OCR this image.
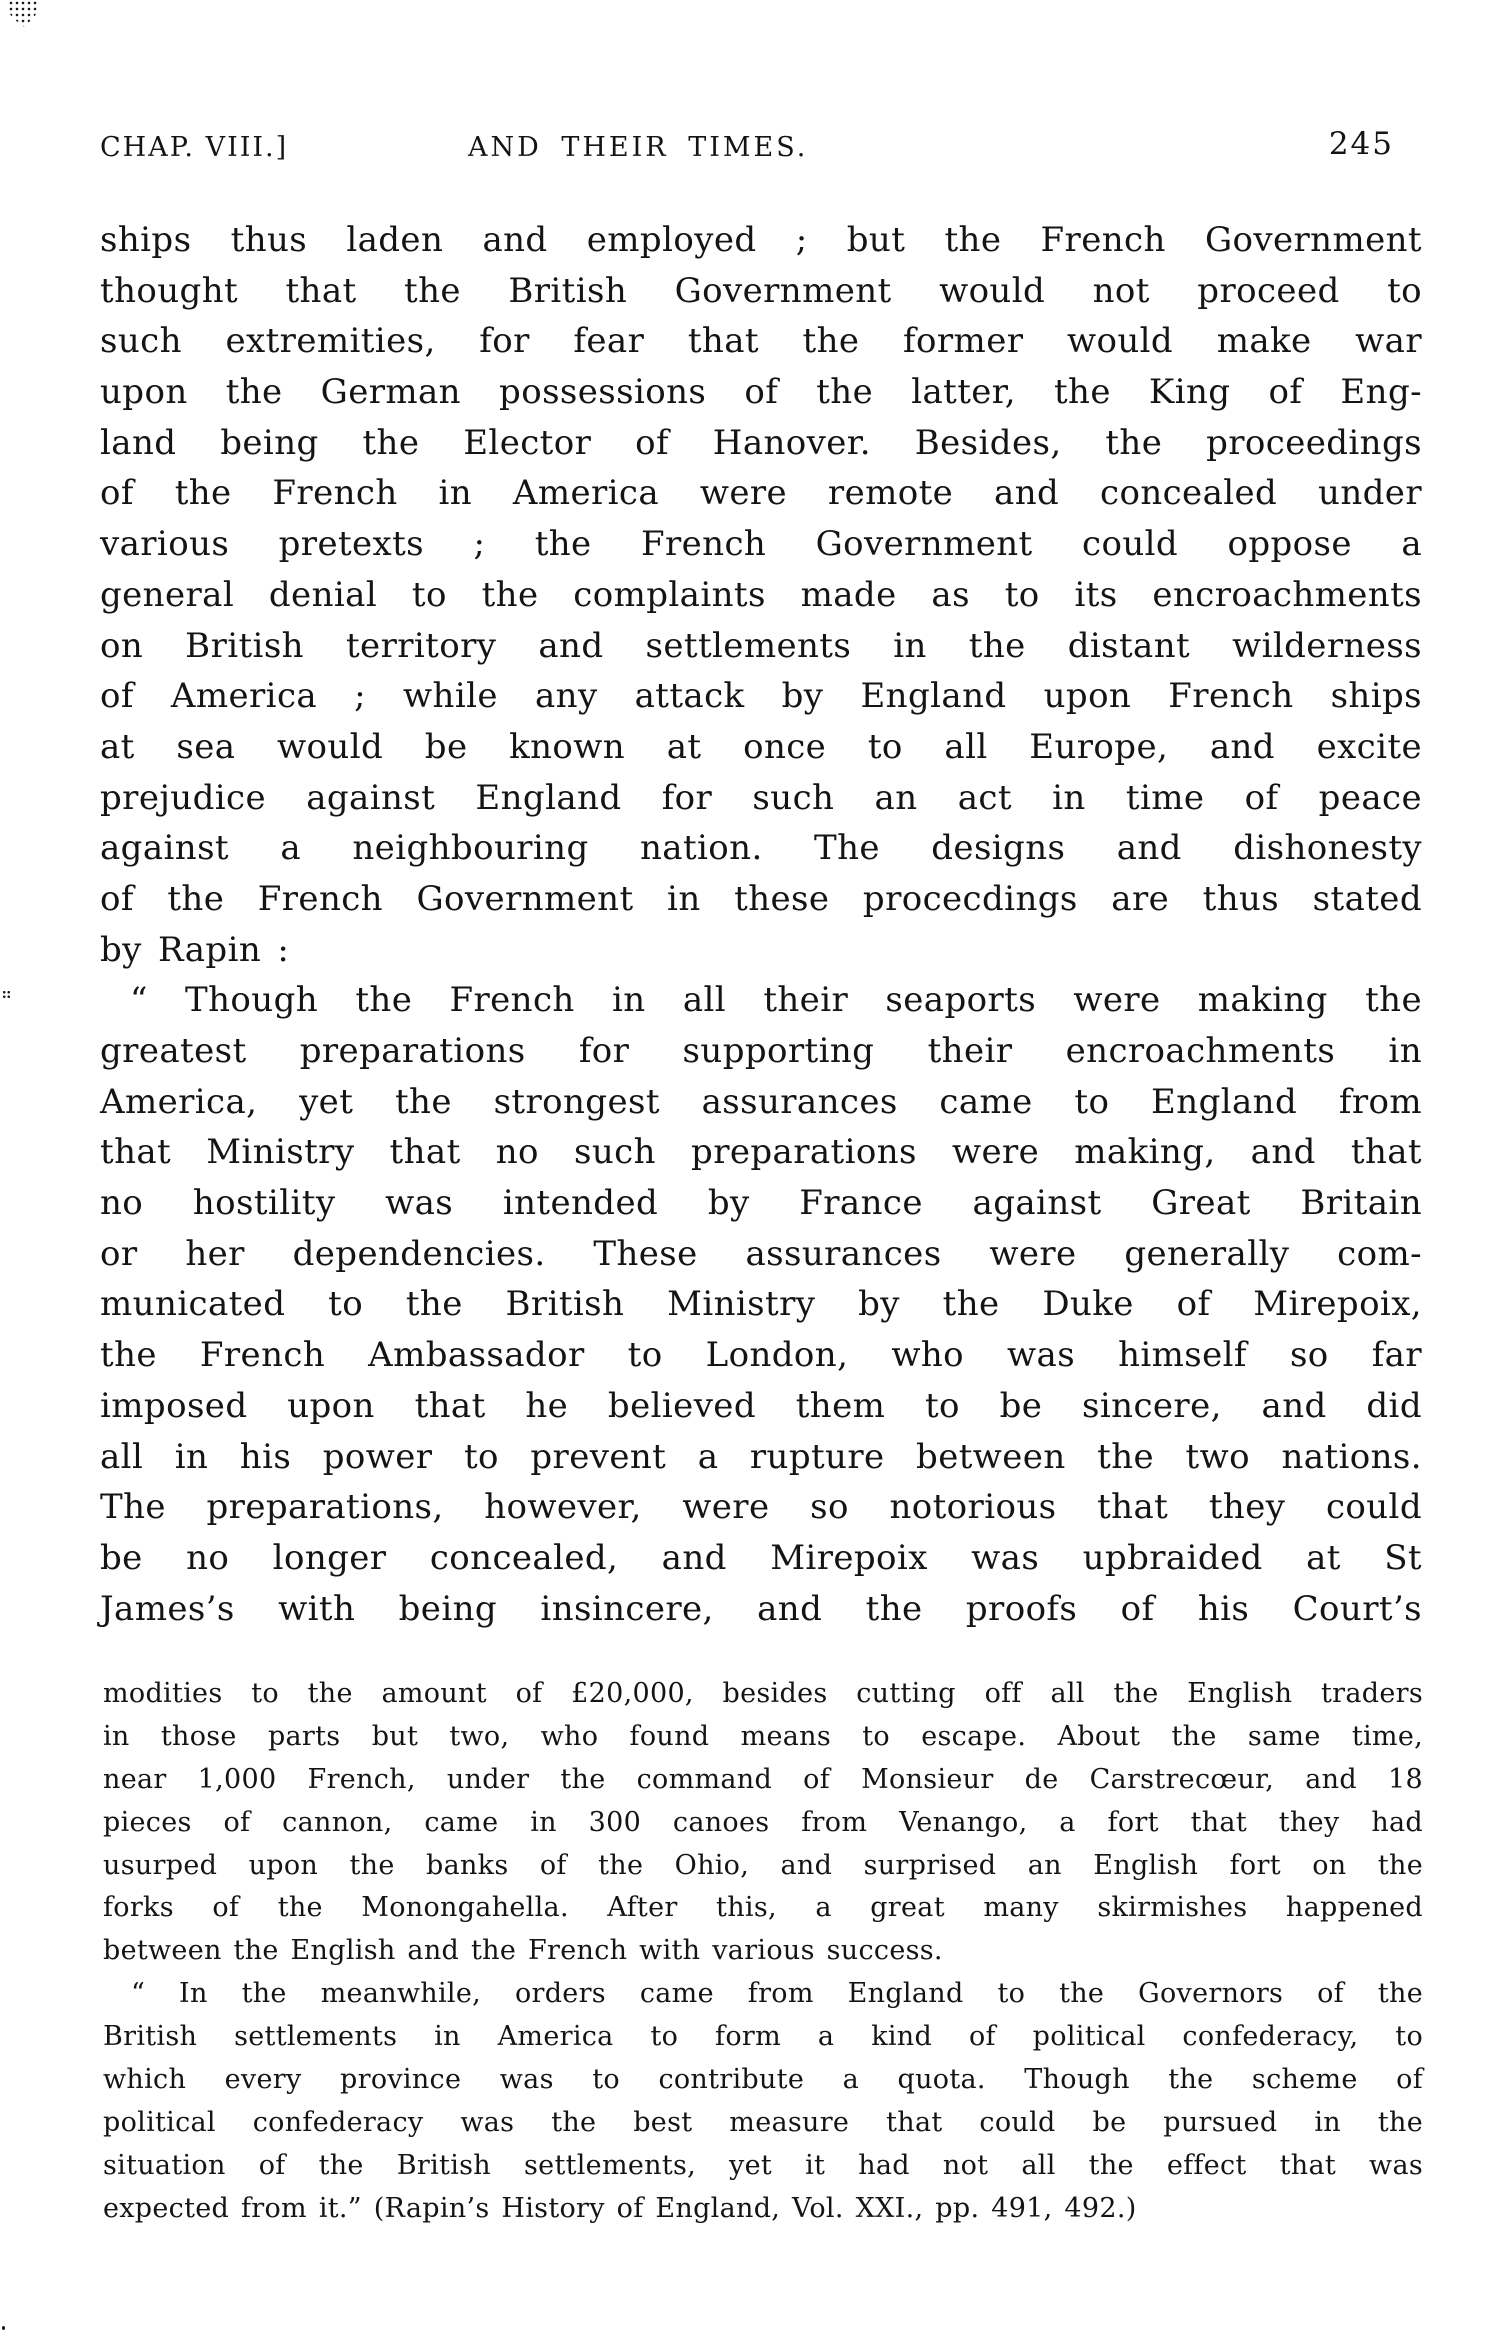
CHAP. VIII.]	AND THEIR TIMES.	245
ships thus laden and employed ; but the French Government
thought that the British Government would not proceed to
such extremities, for fear that the former would make war
upon the German possessions of the latter, the King of Eng-
land being the Elector of Hanover. Besides, the proceedings
of the French in America were remote and concealed under
various pretexts ; the French Government could oppose a
general denial to the complaints made as to its encroachments
on British territory and settlements in the distant wilderness
of America ; while any attack by England upon French ships
at sea would be known at once to all Europe, and excite
prejudice against England for such an act in time of peace
against a neighbouring nation. The designs and dishonesty
of the French Government in these procecdings are thus stated
by Rapin :
“ Though the French in all their seaports were making the
greatest preparations for supporting their encroachments in
America, yet the strongest assurances came to England from
that Ministry that no such preparations were making, and that
no hostility was intended by France against Great Britain
or her dependencies. These assurances were generally com-
municated to the British Ministry by the Duke of Mirepoix,
the French Ambassador to London, who was himself so far
imposed upon that he believed them to be sincere, and did
all in his power to prevent a rupture between the two nations.
The preparations, however, were so notorious that they could
be no longer concealed, and Mirepoix was upbraided at St
James’s with being insincere, and the proofs of his Court’s
modities to the amount of £20,000, besides cutting off all the English traders
in those parts but two, who found means to escape. About the same time,
near 1,000 French, under the command of Monsieur de Carstrecœur, and 18
pieces of cannon, came in 300 canoes from Venango, a fort that they had
usurped upon the banks of the Ohio, and surprised an English fort on the
forks of the Monongahella. After this, a great many skirmishes happened
between the English and the French with various success.
“ In the meanwhile, orders came from England to the Governors of the
British settlements in America to form a kind of political confederacy, to
which every province was to contribute a quota. Though the scheme of
political confederacy was the best measure that could be pursued in the
situation of the British settlements, yet it had not all the effect that was
expected from it.” (Rapin’s History of England, Vol. XXI., pp. 491, 492.)
